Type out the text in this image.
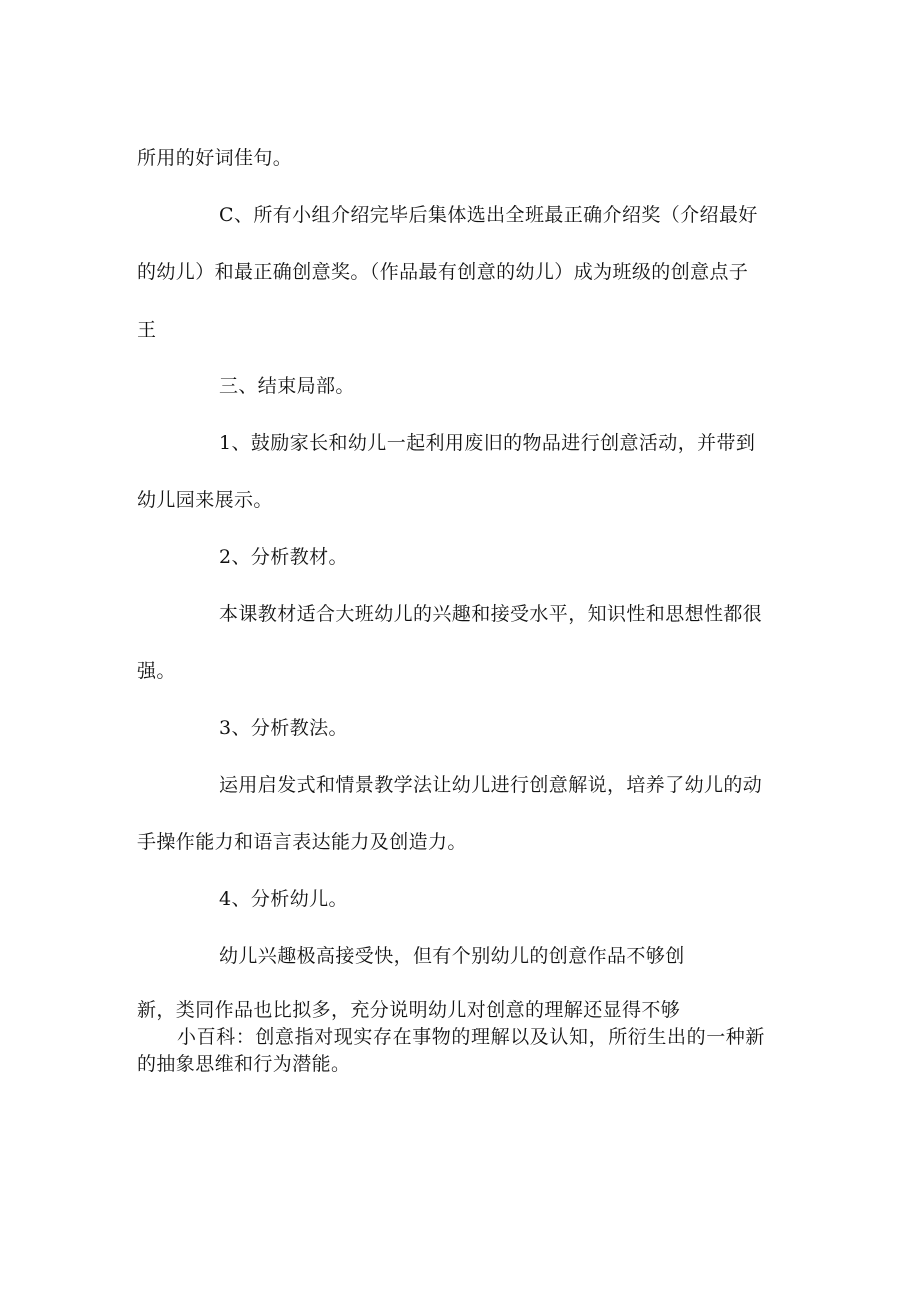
所用的好词佳句。
C、所有小组介绍完毕后集体选出全班最正确介绍奖（介绍最好
的幼儿）和最正确创意奖。（作品最有创意的幼儿）成为班级的创意点子
王
三、结束局部。
1、鼓励家长和幼儿一起利用废旧的物品进行创意活动，并带到
幼儿园来展示。
2、分析教材。
本课教材适合大班幼儿的兴趣和接受水平，知识性和思想性都很
强。
3、分析教法。
运用启发式和情景教学法让幼儿进行创意解说，培养了幼儿的动
手操作能力和语言表达能力及创造力。
4、分析幼儿。
幼儿兴趣极高接受快，但有个别幼儿的创意作品不够创
新，类同作品也比拟多，充分说明幼儿对创意的理解还显得不够
小百科：创意指对现实存在事物的理解以及认知，所衍生出的一种新
的抽象思维和行为潜能。
